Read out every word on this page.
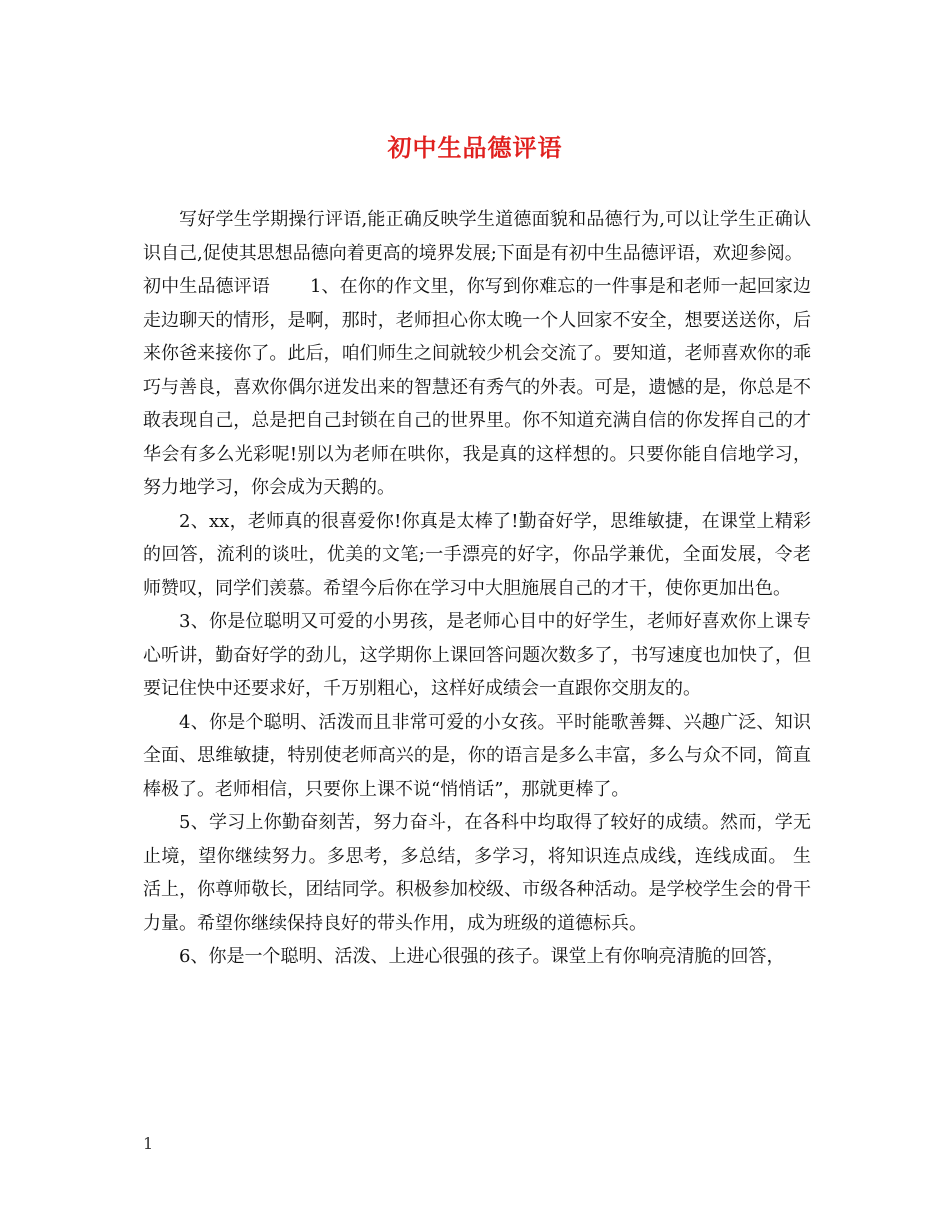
初中生品德评语

写好学生学期操行评语,能正确反映学生道德面貌和品德行为,可以让学生正确认识自己,促使其思想品德向着更高的境界发展;下面是有初中生品德评语，欢迎参阅。

初中生品德评语 1、在你的作文里，你写到你难忘的一件事是和老师一起回家边走边聊天的情形，是啊，那时，老师担心你太晚一个人回家不安全，想要送送你，后来你爸来接你了。此后，咱们师生之间就较少机会交流了。要知道，老师喜欢你的乖巧与善良，喜欢你偶尔迸发出来的智慧还有秀气的外表。可是，遗憾的是，你总是不敢表现自己，总是把自己封锁在自己的世界里。你不知道充满自信的你发挥自己的才华会有多么光彩呢!别以为老师在哄你，我是真的这样想的。只要你能自信地学习，努力地学习，你会成为天鹅的。

2、xx，老师真的很喜爱你!你真是太棒了!勤奋好学，思维敏捷，在课堂上精彩的回答，流利的谈吐，优美的文笔;一手漂亮的好字，你品学兼优，全面发展，令老师赞叹，同学们羡慕。希望今后你在学习中大胆施展自己的才干，使你更加出色。

3、你是位聪明又可爱的小男孩，是老师心目中的好学生，老师好喜欢你上课专心听讲，勤奋好学的劲儿，这学期你上课回答问题次数多了，书写速度也加快了，但要记住快中还要求好，千万别粗心，这样好成绩会一直跟你交朋友的。

4、你是个聪明、活泼而且非常可爱的小女孩。平时能歌善舞、兴趣广泛、知识全面、思维敏捷，特别使老师高兴的是，你的语言是多么丰富，多么与众不同，简直棒极了。老师相信，只要你上课不说“悄悄话”，那就更棒了。

5、学习上你勤奋刻苦，努力奋斗，在各科中均取得了较好的成绩。然而，学无止境，望你继续努力。多思考，多总结，多学习，将知识连点成线，连线成面。 生活上，你尊师敬长，团结同学。积极参加校级、市级各种活动。是学校学生会的骨干力量。希望你继续保持良好的带头作用，成为班级的道德标兵。

6、你是一个聪明、活泼、上进心很强的孩子。课堂上有你响亮清脆的回答，

1
